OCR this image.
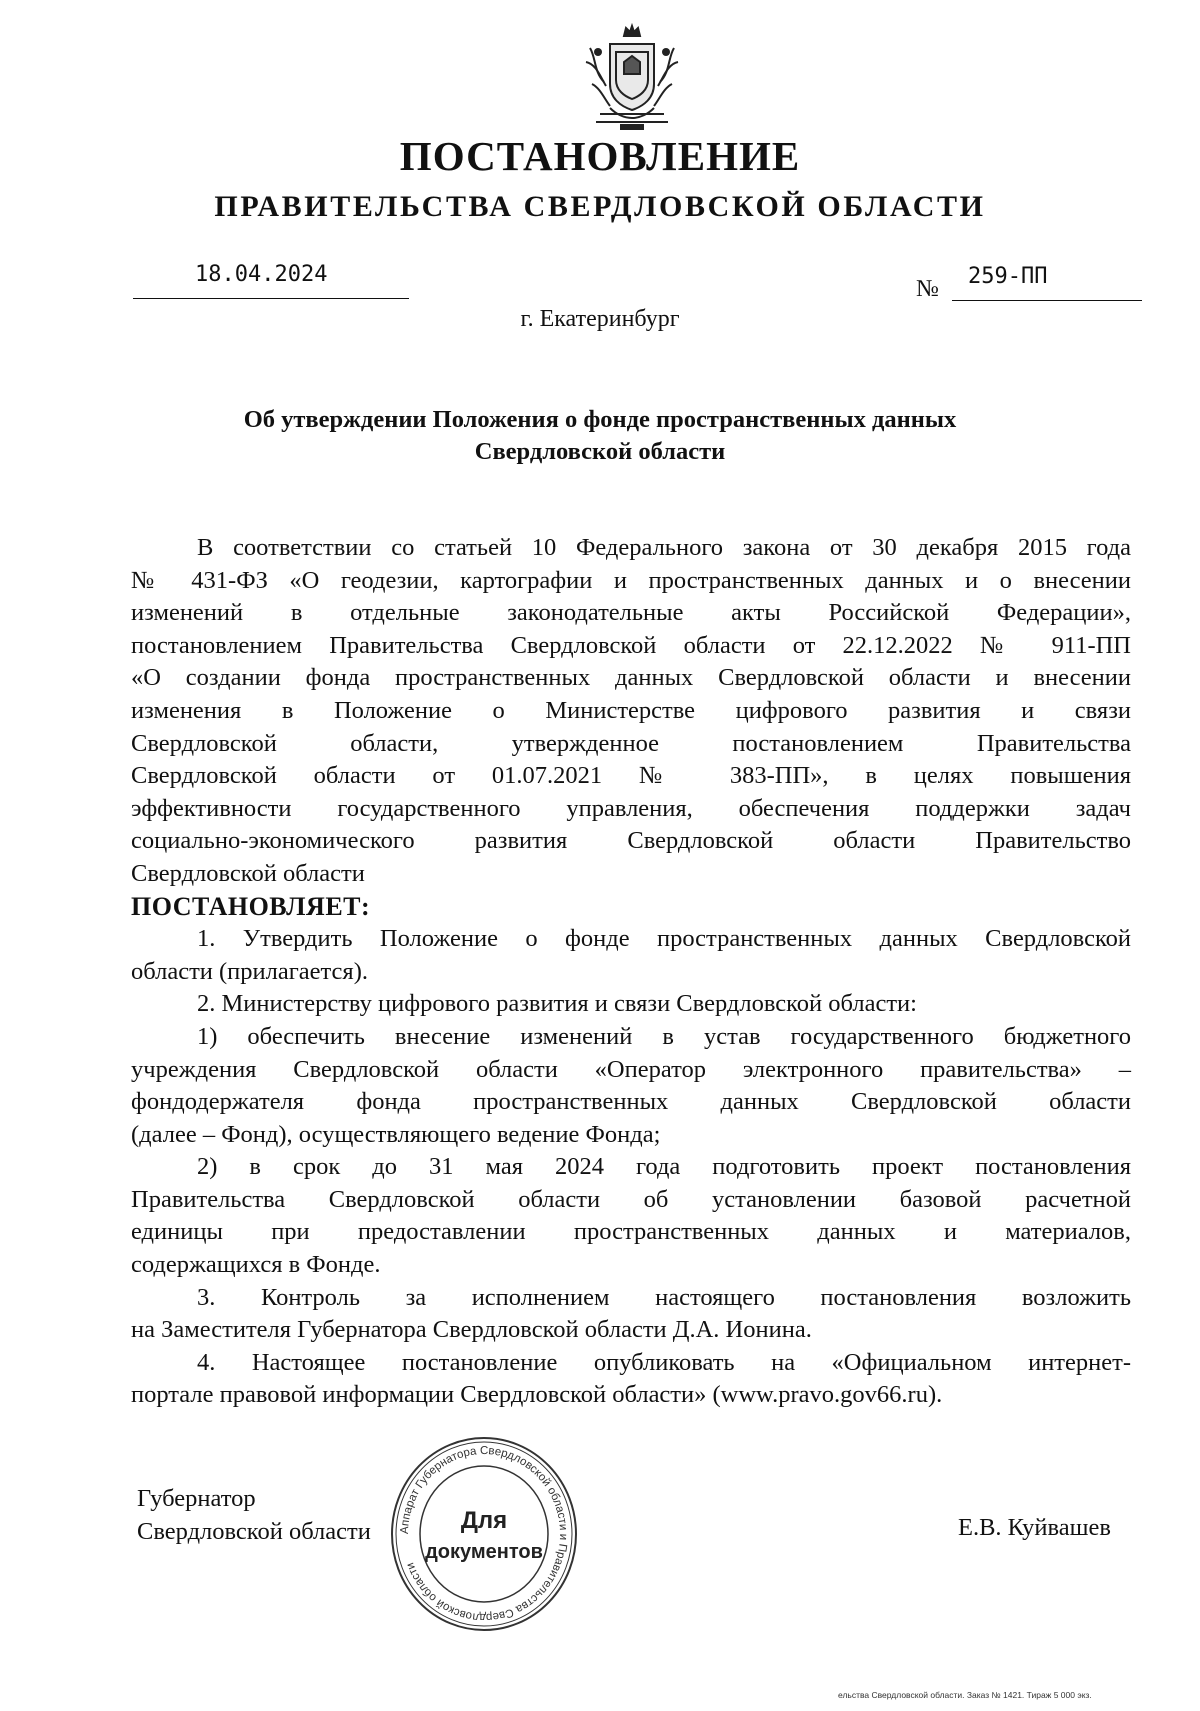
ПОСТАНОВЛЕНИЕ
ПРАВИТЕЛЬСТВА СВЕРДЛОВСКОЙ ОБЛАСТИ
18.04.2024
№ 259-ПП
г. Екатеринбург
Об утверждении Положения о фонде пространственных данных
Свердловской области

В соответствии со статьей 10 Федерального закона от 30 декабря 2015 года

№ 431-ФЗ «О геодезии, картографии и пространственных данных и о внесении

изменений в отдельные законодательные акты Российской Федерации»,

постановлением Правительства Свердловской области от 22.12.2022 № 911-ПП

«О создании фонда пространственных данных Свердловской области и внесении

изменения в Положение о Министерстве цифрового развития и связи

Свердловской области, утвержденное постановлением Правительства

Свердловской области от 01.07.2021 № 383-ПП», в целях повышения

эффективности государственного управления, обеспечения поддержки задач

социально-экономического развития Свердловской области Правительство

Свердловской области

ПОСТАНОВЛЯЕТ:

1. Утвердить Положение о фонде пространственных данных Свердловской

области (прилагается).

2. Министерству цифрового развития и связи Свердловской области:

1) обеспечить внесение изменений в устав государственного бюджетного

учреждения Свердловской области «Оператор электронного правительства» –

фондодержателя фонда пространственных данных Свердловской области

(далее – Фонд), осуществляющего ведение Фонда;

2) в срок до 31 мая 2024 года подготовить проект постановления

Правительства Свердловской области об установлении базовой расчетной

единицы при предоставлении пространственных данных и материалов,

содержащихся в Фонде.

3. Контроль за исполнением настоящего постановления возложить

на Заместителя Губернатора Свердловской области Д.А. Ионина.

4. Настоящее постановление опубликовать на «Официальном интернет-

портале правовой информации Свердловской области» (www.pravo.gov66.ru).

Губернатор
Свердловской области	Е.В. Куйвашев
Аппарат Губернатора Свердловской области и Правительства Свердловской области
Для
документов
ельства Свердловской области. Заказ № 1421. Тираж 5 000 экз.
